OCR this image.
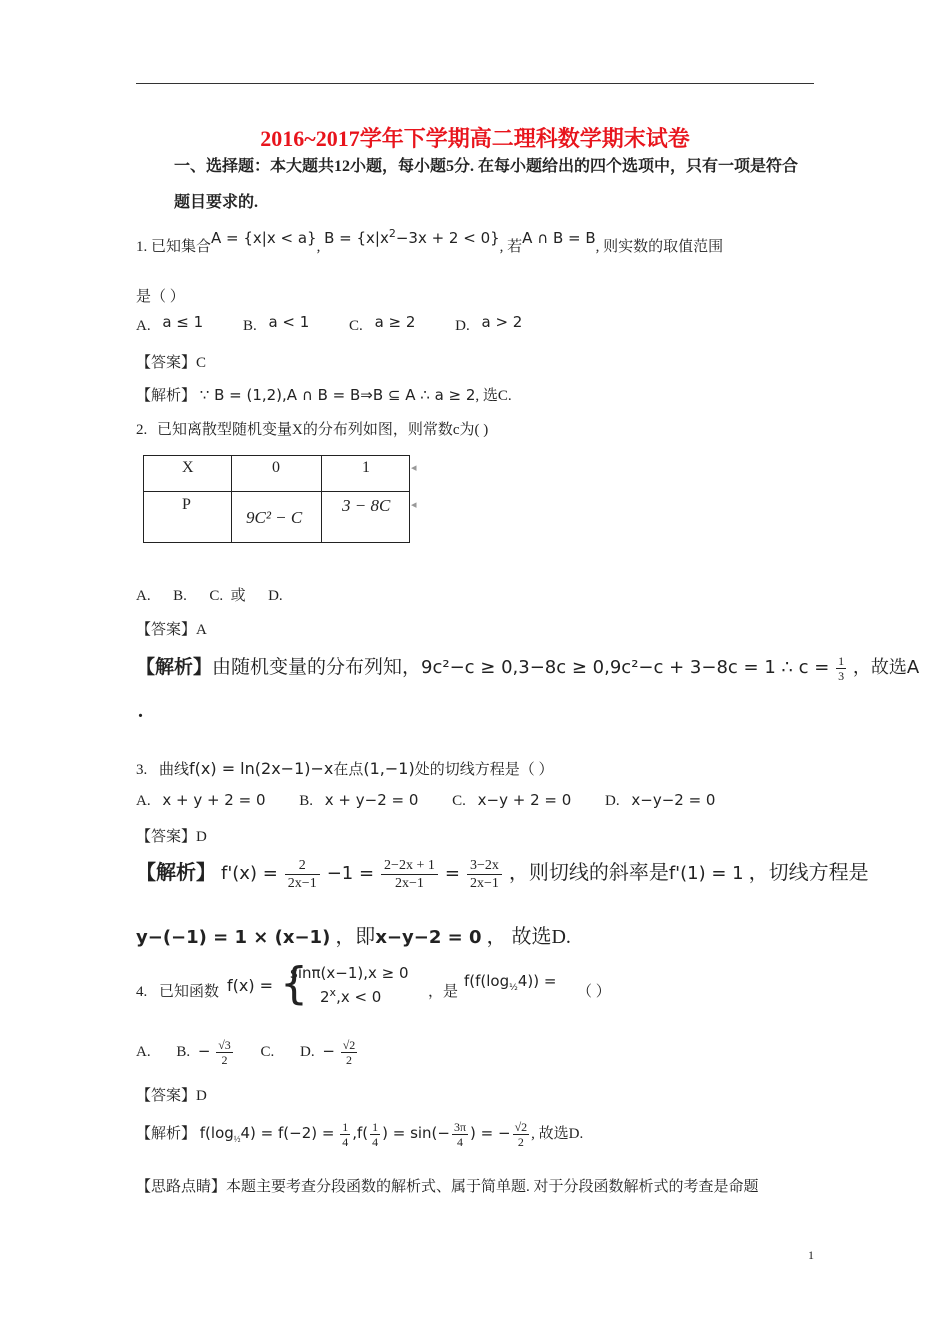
2016~2017学年下学期高二理科数学期末试卷
一、选择题：本大题共12小题，每小题5分. 在每小题给出的四个选项中，只有一项是符合
题目要求的.
1. 已知集合A = {x|x < a}, $B = \{x|x^2-3x + 2 < 0\}$, 若A ∩ B = B, 则实数的取值范围
是（ ）
A. a ≤ 1	B. a < 1	C. a ≥ 2	D. a > 2
【答案】C
【解析】 ∵ B = (1,2),A ∩ B = B⇒B ⊆ A ∴ a ≥ 2, 选C.
2. 已知离散型随机变量X的分布列如图，则常数c为( )
X	0	1
P	9C² − C	3 − 8C
◂
◂
A.      B.      C.  或      D.
【答案】A
【解析】由随机变量的分布列知，9c²−c ≥ 0,3−8c ≥ 0,9c²−c + 3−8c = 1 ∴ $c = \frac{1}{3}$ ，故选A
.
3. 曲线f(x) = ln(2x−1)−x在点(1,−1)处的切线方程是（ ）
A. x + y + 2 = 0 B. x + y−2 = 0 C. x−y + 2 = 0 D. x−y−2 = 0
【答案】D
【解析】 $f'(x) = \frac{2}{2x-1} -1 = \frac{2-2x + 1}{2x-1} = \frac{3-2x}{2x-1}$ ，则切线的斜率是f'(1) = 1 ，切线方程是
y−(−1) = 1 × (x−1) ，即x−y−2 = 0 ， 故选D.
4. 已知函数 f(x) = {
sinπ(x−1),x ≥ 0
$2^x,x < 0$	，是
$f(f(\log_{\frac{1}{2}}4))$ =
（ ）
A. B. − $\frac{√3}{2} C$. D. − $\frac{√2}{2}$
【答案】D
【解析】 $f(\log_{\frac{1}{2}}4) = f(-2) = \frac{1}{4} ,f( \frac{1}{4}$ ) = $\sin(- \frac{3\pi}{4}$ ) = − $\frac{√2}{2}$ , 故选D.
【思路点睛】本题主要考查分段函数的解析式、属于简单题. 对于分段函数解析式的考查是命题
1
